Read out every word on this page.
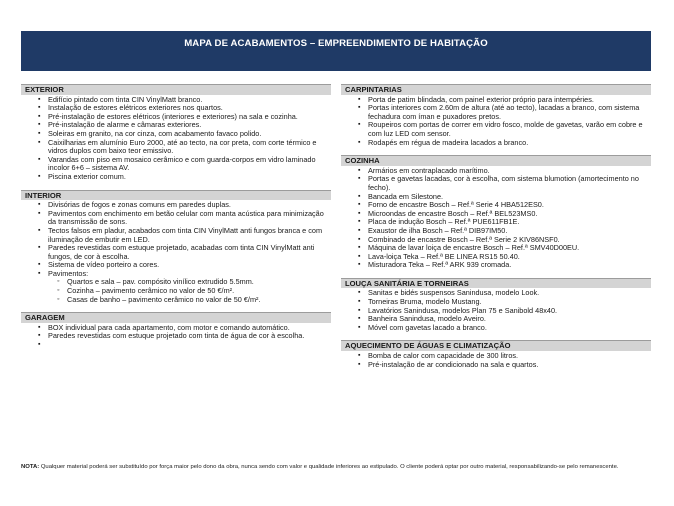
MAPA DE ACABAMENTOS – EMPREENDIMENTO DE HABITAÇÃO
EXTERIOR
▪ Edifício pintado com tinta CIN VinylMatt branco.
▪ Instalação de estores elétricos exteriores nos quartos.
▪ Pré-instalação de estores elétricos (interiores e exteriores) na sala e cozinha.
▪ Pré-instalação de alarme e câmaras exteriores.
▪ Soleiras em granito, na cor cinza, com acabamento favaco polido.
▪ Caixilharias em alumínio Euro 2000, até ao tecto, na cor preta, com corte térmico e vidros duplos com baixo teor emissivo.
▪ Varandas com piso em mosaico cerâmico e com guarda-corpos em vidro laminado incolor 6+6 – sistema AV.
▪ Piscina exterior comum.
INTERIOR
▪ Divisórias de fogos e zonas comuns em paredes duplas.
▪ Pavimentos com enchimento em betão celular com manta acústica para minimização da transmissão de sons.
▪ Tectos falsos em pladur, acabados com tinta CIN VinylMatt anti fungos branca e com iluminação de embutir em LED.
▪ Paredes revestidas com estuque projetado, acabadas com tinta CIN VinylMatt anti fungos, de cor à escolha.
▪ Sistema de vídeo porteiro a cores.
▪ Pavimentos:
◦ Quartos e sala – pav. compósito vinílico extrudido 5.5mm.
◦ Cozinha – pavimento cerâmico no valor de 50 €/m².
◦ Casas de banho – pavimento cerâmico no valor de 50 €/m².
GARAGEM
▪ BOX individual para cada apartamento, com motor e comando automático.
▪ Paredes revestidas com estuque projetado com tinta de água de cor à escolha.
▪
CARPINTARIAS
▪ Porta de patim blindada, com painel exterior próprio para intempéries.
▪ Portas interiores com 2.60m de altura (até ao tecto), lacadas a branco, com sistema fechadura com íman e puxadores pretos.
▪ Roupeiros com portas de correr em vidro fosco, molde de gavetas, varão em cobre e com luz LED com sensor.
▪ Rodapés em régua de madeira lacados a branco.
COZINHA
▪ Armários em contraplacado marítimo.
▪ Portas e gavetas lacadas, cor à escolha, com sistema blumotion (amortecimento no fecho).
▪ Bancada em Silestone.
▪ Forno de encastre Bosch – Ref.ª Serie 4 HBA512ES0.
▪ Microondas de encastre Bosch – Ref.ª BEL523MS0.
▪ Placa de indução Bosch – Ref.ª PUE611FB1E.
▪ Exaustor de ilha Bosch – Ref.ª DIB97IM50.
▪ Combinado de encastre Bosch – Ref.ª Serie 2 KIV86NSF0.
▪ Máquina de lavar loiça de encastre Bosch – Ref.ª SMV40D00EU.
▪ Lava-loiça Teka – Ref.ª BE LINEA RS15 50.40.
▪ Misturadora Teka – Ref.ª ARK 939 cromada.
LOUÇA SANITÁRIA E TORNEIRAS
▪ Sanitas e bidés suspensos Sanindusa, modelo Look.
▪ Torneiras Bruma, modelo Mustang.
▪ Lavatórios Sanindusa, modelos Plan 75 e Sanibold 48x40.
▪ Banheira Sanindusa, modelo Aveiro.
▪ Móvel com gavetas lacado a branco.
AQUECIMENTO DE ÁGUAS E CLIMATIZAÇÃO
▪ Bomba de calor com capacidade de 300 litros.
▪ Pré-instalação de ar condicionado na sala e quartos.
NOTA: Qualquer material poderá ser substituído por força maior pelo dono da obra, nunca sendo com valor e qualidade inferiores ao estipulado. O cliente poderá optar por outro material, responsabilizando-se pelo remanescente.
